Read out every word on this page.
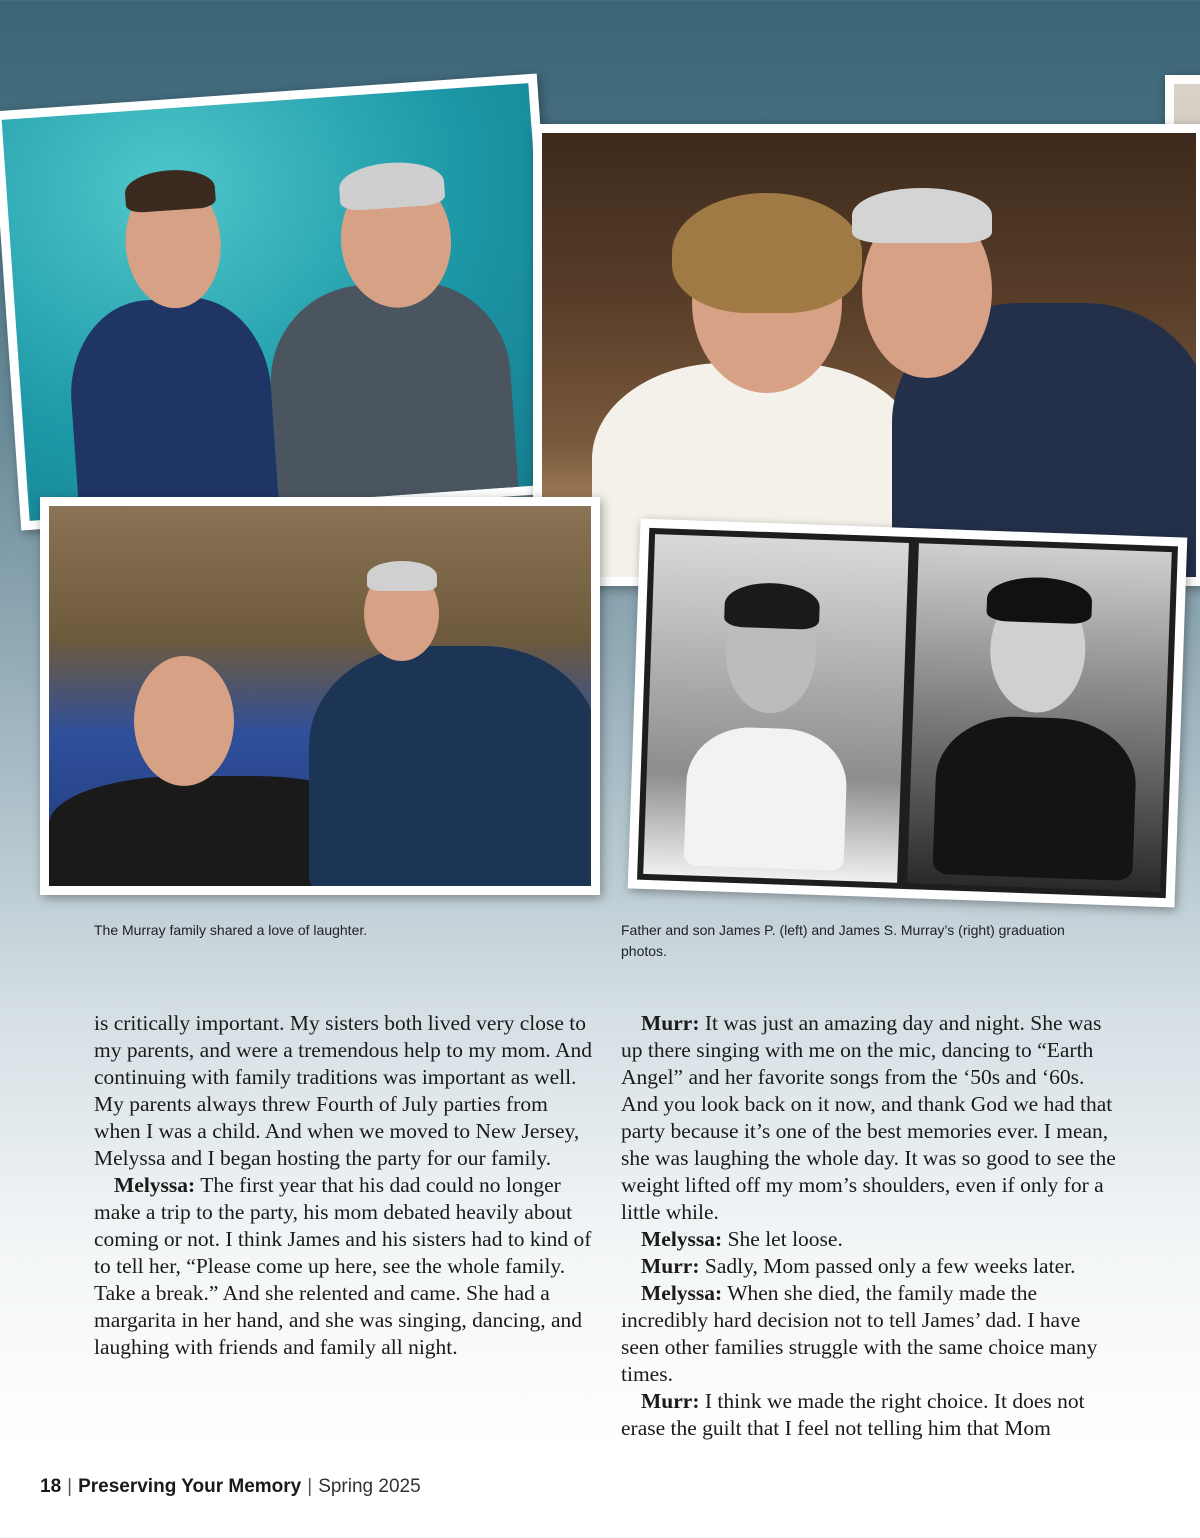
The Murray family shared a love of laughter.	Father and son James P. (left) and James S. Murray’s (right) graduation photos.

is critically important. My sisters both lived very close to my parents, and were a tremendous help to my mom. And continuing with family traditions was important as well. My parents always threw Fourth of July parties from when I was a child. And when we moved to New Jersey, Melyssa and I began hosting the party for our family.

Melyssa: The first year that his dad could no longer make a trip to the party, his mom debated heavily about coming or not. I think James and his sisters had to kind of to tell her, “Please come up here, see the whole family. Take a break.” And she relented and came. She had a margarita in her hand, and she was singing, dancing, and laughing with friends and family all night.

Murr: It was just an amazing day and night. She was up there singing with me on the mic, dancing to “Earth Angel” and her favorite songs from the ‘50s and ‘60s. And you look back on it now, and thank God we had that party because it’s one of the best memories ever. I mean, she was laughing the whole day. It was so good to see the weight lifted off my mom’s shoulders, even if only for a little while.

Melyssa: She let loose.

Murr: Sadly, Mom passed only a few weeks later.

Melyssa: When she died, the family made the incredibly hard decision not to tell James’ dad. I have seen other families struggle with the same choice many times.

Murr: I think we made the right choice. It does not erase the guilt that I feel not telling him that Mom

18 | Preserving Your Memory | Spring 2025
